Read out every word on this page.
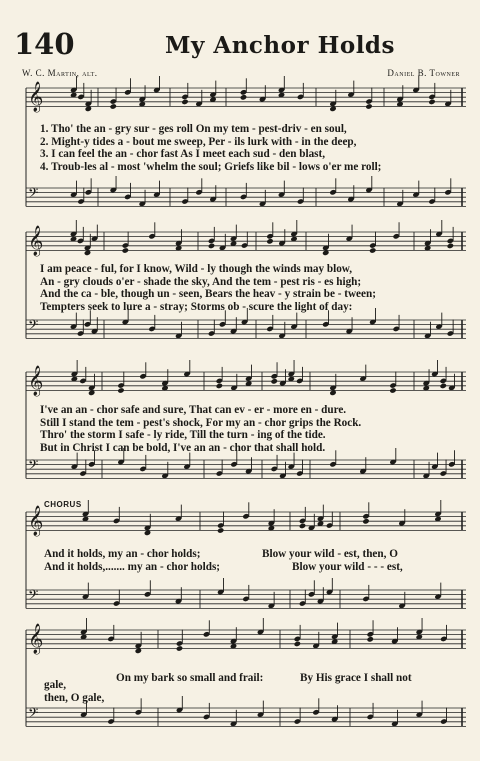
140	My Anchor Holds
W. C. Martin, alt.	Daniel B. Towner
𝄞
𝄢
𝄞
𝄢
𝄞
𝄢
𝄞
𝄢
𝄞
𝄢
1. Tho' the an - gry sur - ges roll On my tem - pest-driv - en soul,
2. Might-y tides a - bout me sweep, Per - ils lurk with - in the deep,
3. I can feel the an - chor fast As I meet each sud - den blast,
4. Troub-les al - most 'whelm the soul; Griefs like bil - lows o'er me roll;
I am peace - ful, for I know, Wild - ly though the winds may blow,
An - gry clouds o'er - shade the sky, And the tem - pest ris - es high;
And the ca - ble, though un - seen, Bears the heav - y strain be - tween;
Tempters seek to lure a - stray; Storms ob - scure the light of day:
I've an an - chor safe and sure, That can ev - er - more en - dure.
Still I stand the tem - pest's shock, For my an - chor grips the Rock.
Thro' the storm I safe - ly ride, Till the turn - ing of the tide.
But in Christ I can be bold, I've an an - chor that shall hold.
CHORUS
And it holds, my an - chor holds;	Blow your wild - est, then, O
And it holds,....... my an - chor holds;	Blow your wild - - - est,
gale,
On my bark so small and frail:	By His grace I shall not
then, O gale,
